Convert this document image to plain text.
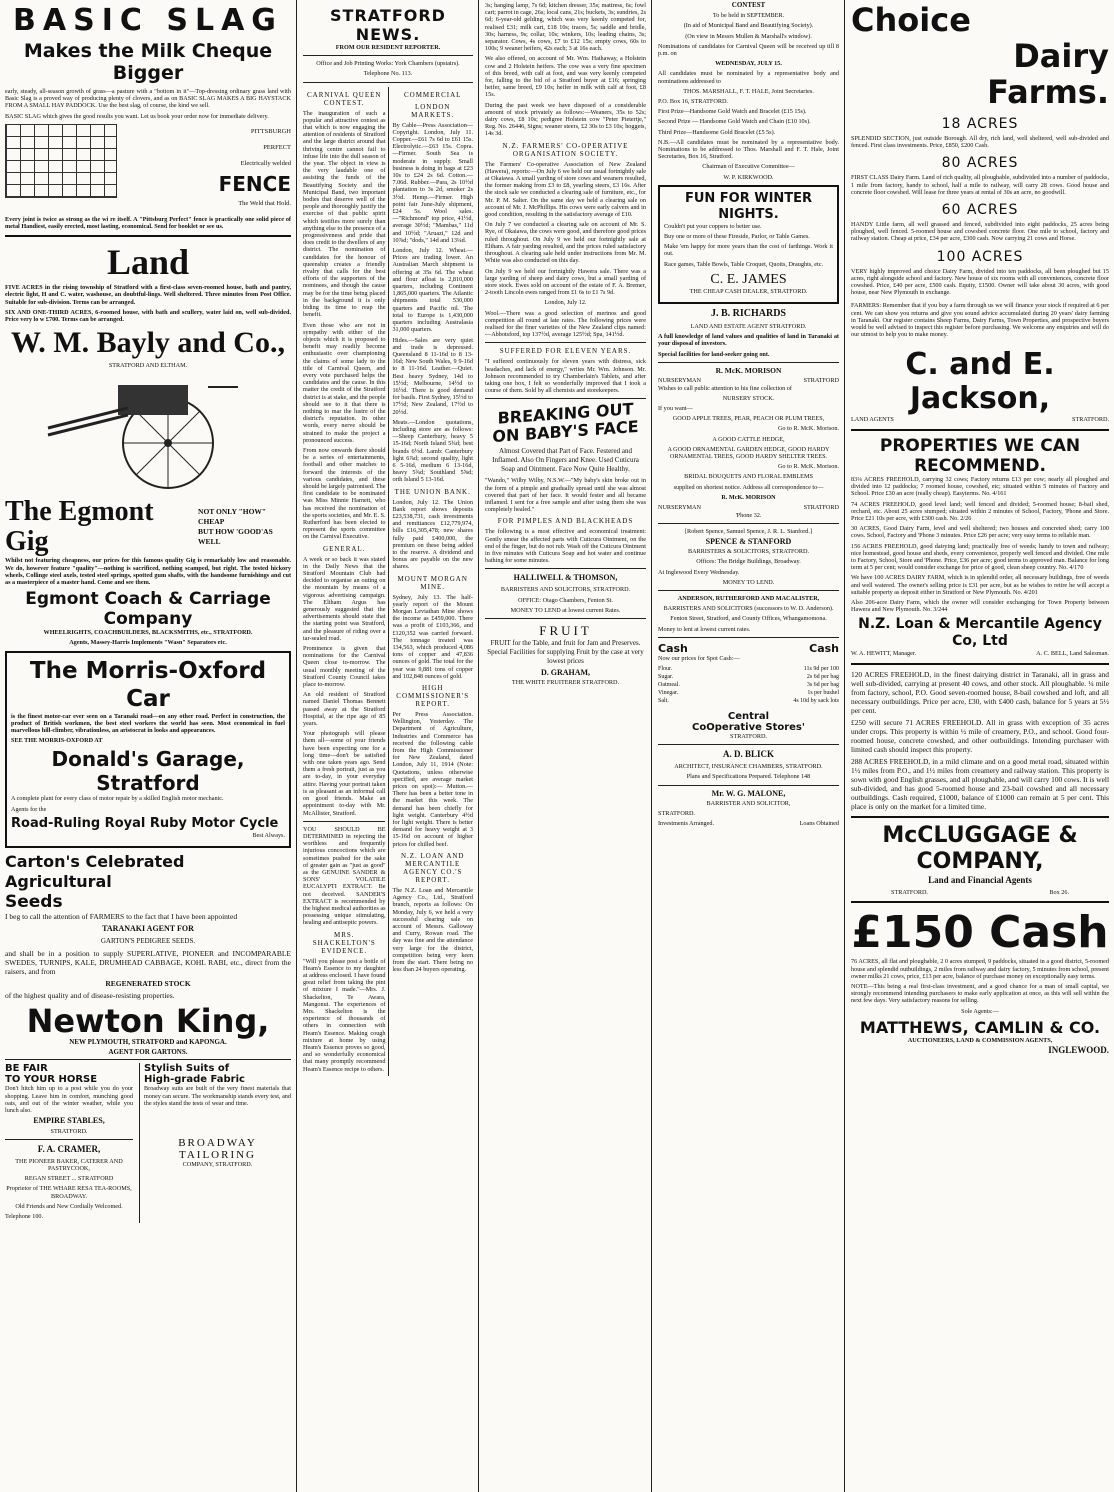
BASIC SLAG
Makes the Milk Cheque Bigger

early, steady, all-season growth of grass—a pasture with a "bottom in it"—Top-dressing ordinary grass land with Basic Slag is a proved way of producing plenty of clovers, and as on BASIC SLAG MAKES A BIG HAYSTACK FROM A SMALL HAY PADDOCK. Use the best slag, of course, the kind we sell.

BASIC SLAG which gives the good results you want. Let us book your order now for immediate delivery.

PITTSBURGH
PERFECT
Electrically welded
FENCE
The Weld that Hold.

Every joint is twice as strong as the wi re itself. A "Pittsburg Perfect" fence is practically one solid piece of metal Handiest, easily erected, most lasting, economical. Send for booklet or see us.

Land

FIVE ACRES in the rising township of Stratford with a first-class seven-roomed house, bath and pantry, electric light, H and C. water, washouse, an doubtful-lings. Well sheltered. Three minutes from Post Office. Suitable for sub-division. Terms can be arranged.

SIX AND ONE-THIRD ACRES, 6-roomed house, with bath and scullery, water laid on, well sub-divided. Price very lo w £700. Terms can be arranged.

W. M. Bayly and Co.,

STRATFORD AND ELTHAM.

The Egmont Gig
NOT ONLY "HOW" CHEAP
BUT HOW 'GOOD'AS WELL

Whilst not featuring cheapness, our prices for this famous quality Gig is remarkably low and reasonable. We do, however feature "quality"—nothing is sacrificed, nothing scamped, but right. The tested hickory wheels, Collinge steel axels, tested steel springs, spotted gum shafts, with the handsome furnishings and cut as a masterpiece of a master hand. Come and see them.

Egmont Coach & Carriage Company

WHEELRIGHTS, COACHBUILDERS, BLACKSMITHS, etc., STRATFORD.

Agents, Massey-Harris Implements "Wasn" Separators etc.

The Morris-Oxford Car

is the finest motor-car ever seen on a Taranaki road—on any other road. Perfect in construction, the product of British workmen, the best steel workers the world has seen. Most economical in fuel marvellous hill-climber, vibrationless, an aristocrat in looks and appearances.

SEE THE MORRIS-OXFORD AT

Donald's Garage, Stratford

A complete plant for every class of motor repair by a skilled English motor mechanic.

Agents for the

Road-Ruling Royal Ruby Motor Cycle

Best Always.

Carton's Celebrated Agricultural
Seeds

I beg to call the attention of FARMERS to the fact that I have been appointed

TARANAKI AGENT FOR

GARTON'S PEDIGREE SEEDS.

and shall be in a position to supply SUPERLATIVE, PIONEER and INCOMPARABLE SWEDES, TURNIPS, KALE, DRUMHEAD CABBAGE, KOHL RABI, etc., direct from the raisers, and from

REGENERATED STOCK

of the highest quality and of disease-resisting properties.

Newton King,

NEW PLYMOUTH, STRATFORD and KAPONGA.

AGENT FOR GARTONS.

BE FAIR
TO YOUR HORSE

Don't hitch him up to a post while you do your shopping. Leave him in comfort, munching good oats, and out of the winter weather, while you lunch also.

EMPIRE STABLES,

STRATFORD.

F. A. CRAMER,

THE PIONEER BAKER, CATERER AND PASTRYCOOK,

REGAN STREET ... STRATFORD

Proprietor of THE WHARE RESA TEA-ROOMS, BROADWAY.

Old Friends and New Cordially Welcomed.

Telephone 100.

Stylish Suits of
High-grade Fabric

Broadway suits are built of the very finest materials that money can secure. The workmanship stands every test, and the styles stand the tests of wear and time.

BROADWAY
TAILORING

COMPANY, STRATFORD.

STRATFORD NEWS.

FROM OUR RESIDENT REPORTER.

Office and Job Printing Works: York Chambers (upstairs).

Telephone No. 113.

CARNIVAL QUEEN CONTEST.

The inauguration of such a popular and attractive contest as that which is now engaging the attention of residents of Stratford and the large district around that thriving centre cannot fail to infuse life into the dull season of the year. The object in view is the very laudable one of assisting the funds of the Beautifying Society and the Municipal Band, two important bodies that deserve well of the people and thoroughly justify the exercise of that public spirit which testifies more surely than anything else to the presence of a progressiveness and pride that does credit to the dwellers of any district. The nomination of candidates for the honour of queenship creates a friendly rivalry that calls for the best efforts of the supporters of the nominees, and though the cause may be for the time being placed in the background it is only biding its time to reap the benefit.

Even those who are not in sympathy with either of the objects which it is proposed to benefit may readily become enthusiastic over championing the claims of some lady to the title of Carnival Queen, and every vote purchased helps the candidates and the cause. In this matter the credit of the Stratford district is at stake, and the people should see to it that there is nothing to mar the lustre of the district's reputation. In other words, every nerve should be strained to make the project a pronounced success.

From now onwards there should be a series of entertainments, football and other matches to forward the interests of the various candidates, and these should be largely patronised. The first candidate to be nominated was Miss Minnie Harnett, who has received the nomination of the sports societies, and Mr. E. S. Rutherford has been elected to represent the sports committee on the Carnival Executive.

GENERAL.

A week or so back it was stated in the Daily News that the Stratford Mountain Club had decided to organise an outing on the mountain by means of a vigorous advertising campaign. The Eltham Argus has generously suggested that the advertisements should state that the starting point was Stratford, and the pleasure of riding over a tar-sealed road.

Prominence is given that nominations for the Carnival Queen close to-morrow. The usual monthly meeting of the Stratford County Council takes place to-morrow.

An old resident of Stratford named Daniel Thomas Bennett passed away at the Stratford Hospital, at the ripe age of 85 years.

Your photograph will please them all—some of your friends have been expecting one for a long time—don't be satisfied with one taken years ago. Send them a fresh portrait, just as you are to-day, in your everyday attire. Having your portrait taken is as pleasant as an informal call on good friends. Make an appointment to-day with Mr. McAllister, Stratford.

YOU SHOULD BE DETERMINED in rejecting the worthless and frequently injurious concoctions which are sometimes pushed for the sake of greater gain as "just as good" as the GENUINE SANDER & SONS' VOLATILE EUCALYPTI EXTRACT. Be not deceived. SANDER'S EXTRACT is recommended by the highest medical authorities as possessing unique stimulating, healing and antiseptic powers.

MRS. SHACKELTON'S EVIDENCE.

"Will you please post a bottle of Heam's Essence to my daughter at address enclosed. I have found great relief from taking the pint of mixture I made."—Mrs. J. Shackelton, Te Awara, Mangonui. The experiences of Mrs. Shackelton is the experience of thousands of others in connection with Heam's Essence. Making cough mixture at home by using Heam's Essence proves so good, and so wonderfully economical that many promptly recommend Heam's Essence recipe to others.

COMMERCIAL
LONDON MARKETS.

By Cable—Press Association—Copyright. London, July 11. Copper.—£61 7s 6d to £61 15s. Electrolytic.—£63 15s. Copra.—Firmer. South Sea is moderate in supply. Small business is doing in bags at £23 10s to £24 2s 6d. Cotton.—7.06d. Rubber.—Para, 2s 10½d plantation to 3s 2d, smoker 2s 3½d. Hemp.—Firmer. High point fair June-July shipment, £24 5s. Wool sales.—"Richmond" top price, 41½d, average 30½d; "Mambas," 11d and 10½d; "Aruazi," 12d and 10⅞d; "dods," 14d and 13¼d.

London, July 12. Wheat.—Prices are trading lower. An Australian March shipment is offering at 35s 6d. The wheat and flour afloat is 2,810,000 quarters, including Continent 1,865,000 quarters. The Atlantic shipments total 530,000 quarters and Pacific nil. The total to Europe is 1,430,000 quarters including Australasia 31,000 quarters.

Hides.—Sales are very quiet and trade is depressed. Queensland 8 11-16d to 8 13-16d; New South Wales, 9 9-16d to 8 11-16d. Leather.—Quiet. Best heavy Sydney, 14d to 15½d; Melbourne, 14½d to 16½d. There is good demand for basils. First Sydney, 15½d to 17½d; New Zealand, 17½d to 20½d.

Meats.—London quotations, including store are as follows:—Sheep Canterbury, heavy 5 15-16d; North Island 5¾d; best brands 6½d. Lamb: Canterbury light 6⅞d; second quality, light 6 5-16d, medium 6 13-16d, heavy 5¾d; Southland 5⅝d; orth Island 5 13-16d.

THE UNION BANK.

London, July 12. The Union Bank report shows deposits £23,538,731, cash investments and remittances £12,779,974, bills £16,305,478; new shares fully paid £400,000, the premium on these being added to the reserve. A dividend and bonus are payable on the new shares.

MOUNT MORGAN MINE.

Sydney, July 13. The half-yearly report of the Mount Morgan Leviathan Mine shows the income as £459,000. There was a profit of £103,366, and £120,352 was carried forward. The tonnage treated was 134,563, which produced 4,086 tons of copper and 47,836 ounces of gold. The total for the year was 9,881 tons of copper and 102,848 ounces of gold.

HIGH COMMISSIONER'S REPORT.

Per Press Association. Wellington, Yesterday. The Department of Agriculture, Industries and Commerce has received the following cable from the High Commissioner for New Zealand, dated London, July 11, 1914 (Note: Quotations, unless otherwise specified, are average market prices on spot):— Mutton.—There has been a better tone in the market this week. The demand has been chiefly for light weight. Canterbury 4½d for light weight. There is better demand for heavy weight at 3 15-16d on account of higher prices for chilled beef.

N.Z. LOAN AND MERCANTILE AGENCY CO.'S REPORT.

The N.Z. Loan and Mercantile Agency Co., Ltd., Stratford branch, reports as follows: On Monday, July 6, we held a very successful clearing sale on account of Messrs. Galloway and Curry, Rowan road. The day was fine and the attendance very large for the district, competition being very keen from the start. There being no less than 24 buyers operating.

3s; hanging lamp, 7s 6d; kitchen dresser, 35s; mattress, 6s; fowl cart; parrot in cage, 26s; local cans, 21s; buckets, 3s; sundries, 2s 6d; 6-year-old gelding, which was very keenly competed for, realised £31; milk cart, £18 10s; traces, 5s; saddle and bridle, 30s; harness, 9s; collar, 10s; winkers, 10s; leading chains, 3s; separator. Cows, 4s cows, £7 to £12 15s; empty cows, 60s to 100s; 9 weaner heifers, 42s each; 3 at 16s each.

We also offered, on account of Mr. Wm. Hathaway, a Holstein cow and 2 Holstein heifers. The cow was a very fine specimen of this breed, with calf at foot, and was very keenly competed for, falling to the bid of a Stratford buyer at £16; springing heifer, same breed, £9 10s; heifer in milk with calf at foot, £8 15s.

During the past week we have disposed of a considerable amount of stock privately as follows:—Weaners, 35s to 52s; dairy cows, £8 10s; pedigree Holstein cow "Peter Pietertje," Reg. No. 26446, Signs; weaner steers, £2 30s to £3 10s; hoggets, 14s 3d.

N.Z. FARMERS' CO-OPERATIVE ORGANISATION SOCIETY.

The Farmers' Co-operative Association of New Zealand (Hawera), reports:—On July 6 we held our usual fortnightly sale at Okaiawa. A small yarding of store cows and weaners resulted, the former making from £3 to £8, yearling steers, £3 16s. After the stock sale we conducted a clearing sale of furniture, etc., for Mr. P. M. Salter. On the same day we held a clearing sale on account of Mr. J. McPhillips. His cows were early calvers and in good condition, resulting in the satisfactory average of £10.

On July 7 we conducted a clearing sale on account of Mr. S. Rye, of Okaiawa, the cows were good, and therefore good prices ruled throughout. On July 9 we held our fortnightly sale at Eltham. A fair yarding resulted, and the prices ruled satisfactory throughout. A clearing sale held under instructions from Mr. M. White was also conducted on this day.

On July 9 we held our fortnightly Hawera sale. There was a large yarding of sheep and dairy cows, but a small yarding of store stock. Ewes sold on account of the estate of F. A. Bremer, 2-tooth Lincoln ewes ranged from £1 6s to £1 7s 9d.

London, July 12.

Wool.—There was a good selection of merinos and good competition all round at late rates. The following prices were realised for the finer varieties of the New Zealand clips named:—Abbotsford, top 137½d, average 125½d; Spa, 141½d.

SUFFERED FOR ELEVEN YEARS.

"I suffered continuously for eleven years with distress, sick headaches, and lack of energy," writes Mr. Wm. Johnson. Mr. Johnson recommended to try Chamberlain's Tablets, and after taking one box, I felt so wonderfully improved that I took a course of them. Sold by all chemists and storekeepers.

BREAKING OUT ON BABY'S FACE

Almost Covered that Part of Face. Festered and Inflamed. Also On Fingers and Knee. Used Cuticura Soap and Ointment. Face Now Quite Healthy.

"Wando," Wilby Wilby, N.S.W.—"My baby's skin broke out in the form of a pimple and gradually spread until she was almost covered that part of her face. It would fester and all became inflamed. I sent for a free sample and after using them she was completely healed."

FOR PIMPLES AND BLACKHEADS

The following is a most effective and economical treatment: Gently smear the affected parts with Cuticura Ointment, on the end of the finger, but do not rub. Wash off the Cuticura Ointment in five minutes with Cuticura Soap and hot water and continue bathing for some minutes.

HALLIWELL & THOMSON,

BARRISTERS AND SOLICITORS, STRATFORD.

OFFICE: Otago Chambers, Fenton St.

MONEY TO LEND at lowest current Rates.

FRUIT

FRUIT for the Table, and fruit for Jam and Preserves. Special Facilities for supplying Fruit by the case at very lowest prices

D. GRAHAM,

THE WHITE FRUITERER STRATFORD.

CONTEST

To be held in SEPTEMBER.

(In aid of Municipal Band and Beautifying Society).

(On view in Messrs Mullen & Marshall's window).

Nominations of candidates for Carnival Queen will be received up till 8 p.m. on

WEDNESDAY, JULY 15.

All candidates must be nominated by a representative body and nominations addressed to

THOS. MARSHALL, F. T. HALE, Joint Secretaries.

P.O. Box 16, STRATFORD.

First Prize—Handsome Gold Watch and Bracelet (£15 15s).

Second Prize — Handsome Gold Watch and Chain (£10 10s).

Third Prize—Handsome Gold Bracelet (£5 5s).

N.B.—All candidates must be nominated by a representative body. Nominations to be addressed to Thos. Marshall and F. T. Hale, Joint Secretaries, Box 16, Stratford.

Chairman of Executive Committee—

W. P. KIRKWOOD.

FUN FOR WINTER NIGHTS.

Couldn't put your coppers to better use.

Buy one or more of these Fireside, Parlor, or Table Games.

Make 'em happy for more years than the cost of farthings. Work it out.

Race games, Table Bowls, Table Croquet, Quoits, Draughts, etc.

C. E. JAMES

THE CHEAP CASH DEALER, STRATFORD.

J. B. RICHARDS

LAND AND ESTATE AGENT STRATFORD.

A full knowledge of land values and qualities of land in Taranaki at your disposal of investors.

Special facilities for land-seeker going ont.

R. McK. MORISON

NURSERYMAN	STRATFORD

Wishes to call public attention to his fine collection of

NURSERY STOCK.

If you want—

GOOD APPLE TREES, PEAR, PEACH OR PLUM TREES,

Go to R. McK. Morison.

A GOOD CATTLE HEDGE,

A GOOD ORNAMENTAL GARDEN HEDGE, GOOD HARDY ORNAMENTAL TREES, GOOD HARDY SHELTER TREES.

Go to R. McK. Morison.

BRIDAL BOUQUETS AND FLORAL EMBLEMS

supplied on shortest notice. Address all correspondence to—

R. McK. MORISON

NURSERYMAN	STRATFORD

'Phone 32.

[Robert Spence, Samuel Spence, J. R. L. Stanford.]

SPENCE & STANFORD

BARRISTERS & SOLICITORS, STRATFORD.

Offices: The Bridge Buildings, Broadway.

At Inglewood Every Wednesday.

MONEY TO LEND.

ANDERSON, RUTHERFORD AND MACALISTER,

BARRISTERS AND SOLICITORS (successors to W. D. Anderson).

Fenton Street, Stratford, and County Offices, Whangamomona.

Money to lent at lowest current rates.

Cash	Cash

Now our prices for Spot Cash:—

Flour.	11s 9d per 100
Sugar.	2s 6d per bag
Oatmeal.	3s 6d per bag
Vinegar.	1s per bushel
Salt.	4s 10d by sack lots
Central
CoOperative Stores'

STRATFORD.

A. D. BLICK

ARCHITECT, INSURANCE CHAMBERS, STRATFORD.

Plans and Specifications Prepared. Telephone 148

Mr. W. G. MALONE,

BARRISTER AND SOLICITOR,

STRATFORD.

Investments Arranged.	Loans Obtained
Choice
Dairy
Farms.
18 ACRES

SPLENDID SECTION, just outside Borough. All dry, rich land, well sheltered, well sub-divided and fenced. First class investments. Price, £850, £200 Cash.

80 ACRES

FIRST CLASS Dairy Farm. Land of rich quality, all ploughable, subdivided into a number of paddocks, 1 mile from factory, handy to school, half a mile to railway, will carry 28 cows. Good house and concrete floor cowshed. Will lease for three years at rental of 30s an acre, no goodwill.

60 ACRES

HANDY Little farm, all well grassed and fenced, subdivided into eight paddocks, 25 acres being ploughed, well fenced. 5-roomed house and cowsbed concrete floor. One mile to school, factory and railway station. Cheap at price, £34 per acre, £300 cash. Now carrying 21 cows and Horse.

100 ACRES

VERY highly improved and choice Dairy Farm, divided into ten paddocks, all been ploughed but 15 acres, right alongside school and factory. New house of six rooms with all conveniences, concrete floor cowshed. Price, £40 per acre, £500 cash. Equity, £1500. Owner will take about 30 acres, with good house, near New Plymouth in exchange.

FARMERS: Remember that if you buy a farm through us we will finance your stock if required at 6 per cent. We can show you returns and give you sound advice accumulated during 20 years' dairy farming in Taranaki. Our register contains Sheep Farms, Dairy Farms, Town Properties, and prospective buyers would be well advised to inspect this register before purchasing. We welcome any enquiries and will do our utmost to help you to make money.

C. and E. Jackson,
LAND AGENTS	STRATFORD.
PROPERTIES WE CAN RECOMMEND.

83¼ ACRES FREEHOLD, carrying 32 cows; Factory returns £13 per cow; nearly all ploughed and divided into 12 paddocks; 7 roomed house, cowshed, etc; situated within 5 minutes of Factory and School. Price £30 an acre (really cheap). Easyterms. No. 4/161

74 ACRES FREEHOLD, good level land; well fenced and divided; 5-roomed house; 8-bail shed, orchard, etc. About 25 acres stumped; situated within 2 minutes of School, Factory, 'Phone and Store. Price £21 10s per acre, with £300 cash. No. 2/26

30 ACRES, Good Dairy Farm, level and well sheltered; two houses and concreted shed; carry 100 cows. School, Factory and 'Phone 3 minutes. Price £26 per acre; very easy terms to reliable man.

156 ACRES FREEHOLD, good dairying land; practically free of weeds; handy to town and railway; nice homestead, good house and sheds, every convenience, properly well fenced and divided. One mile to Factory, School, Store and 'Phone. Price, £36 per acre; good terms to approved man. Balance for long term at 5 per cent; would consider exchange for price of good, clean sheep country. No. 4/170

We have 100 ACRES DAIRY FARM, which is in splendid order, all necessary buildings, free of weeds and well watered. The owner's selling price is £31 per acre, but as he wishes to retire he will accept a suitable property as deposit either in Stratford or New Plymouth. No. 4/201

Also 206-acre Dairy Farm, which the owner will consider exchanging for Town Property between Hawera and New Plymouth. No. 3/244

N.Z. Loan & Mercantile Agency Co, Ltd
W. A. HEWITT, Manager.	A. C. BELL, Land Salesman.

120 ACRES FREEHOLD, in the finest dairying district in Taranaki, all in grass and well sub-divided, carrying at present 40 cows, and other stock. All ploughable. ¼ mile from factory, school, P.O. Good seven-roomed house, 8-bail cowshed and loft, and all necessary outbuildings. Price per acre, £30, with £400 cash, balance for 5 years at 5½ per cent.

£250 will secure 71 ACRES FREEHOLD. All in grass with exception of 35 acres under crops. This property is within ½ mile of creamery, P.O., and school. Good four-roomed house, concrete cowshed, and other outbuildings. Intending purchaser with limited cash should inspect this property.

288 ACRES FREEHOLD, in a mild climate and on a good metal road, situated within 1½ miles from P.O., and 1½ miles from creamery and railway station. This property is sown with good English grasses, and all ploughable, and will carry 100 cows. It is well sub-divided, and has good 5-roomed house and 23-bail cowshed and all necessary outbuildings. Cash required, £1000, balance of £1000 can remain at 5 per cent. This place is only on the market for a limited time.

McCLUGGAGE & COMPANY,

Land and Financial Agents

STRATFORD.	Box 26.
£150 Cash

76 ACRES, all flat and ploughable, 2 0 acres stumped, 9 paddocks, situated in a good district, 5-roomed house and splendid outbuildings, 2 miles from railway and dairy factory, 5 minutes from school, present owner milks 21 cows, price, £13 per acre, balance of purchase money on exceptionally easy terms.

NOTE—This being a real first-class investment, and a good chance for a man of small capital, we strongly recommend intending purchasers to make early application at once, as this will sell within the next few days. Very satisfactory reasons for selling.

Sole Agents:—

MATTHEWS, CAMLIN & CO.

AUCTIONEERS, LAND & COMMISSION AGENTS,

INGLEWOOD.
